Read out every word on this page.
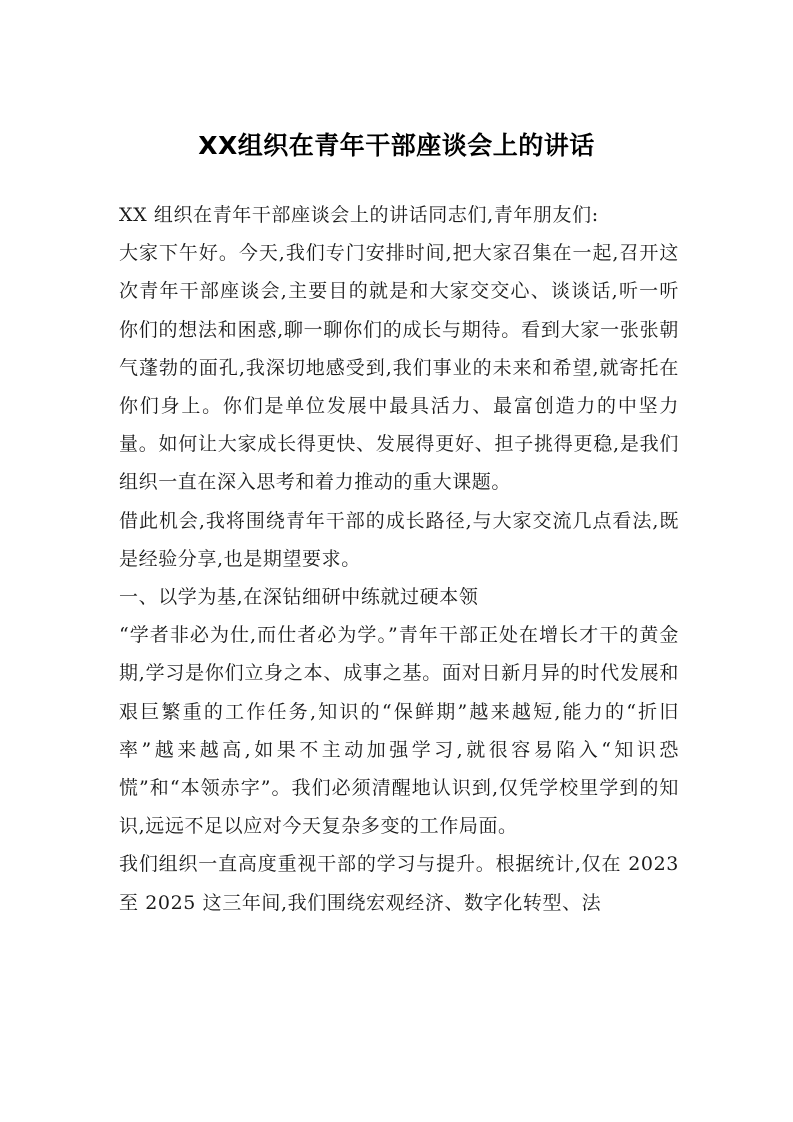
XX组织在青年干部座谈会上的讲话

XX 组织在青年干部座谈会上的讲话同志们,青年朋友们:

大家下午好。今天,我们专门安排时间,把大家召集在一起,召开这次青年干部座谈会,主要目的就是和大家交交心、谈谈话,听一听你们的想法和困惑,聊一聊你们的成长与期待。看到大家一张张朝气蓬勃的面孔,我深切地感受到,我们事业的未来和希望,就寄托在你们身上。你们是单位发展中最具活力、最富创造力的中坚力量。如何让大家成长得更快、发展得更好、担子挑得更稳,是我们组织一直在深入思考和着力推动的重大课题。

借此机会,我将围绕青年干部的成长路径,与大家交流几点看法,既是经验分享,也是期望要求。

一、以学为基,在深钻细研中练就过硬本领

“学者非必为仕,而仕者必为学。”青年干部正处在增长才干的黄金期,学习是你们立身之本、成事之基。面对日新月异的时代发展和艰巨繁重的工作任务,知识的“保鲜期”越来越短,能力的“折旧率”越来越高,如果不主动加强学习,就很容易陷入“知识恐慌”和“本领赤字”。我们必须清醒地认识到,仅凭学校里学到的知识,远远不足以应对今天复杂多变的工作局面。

我们组织一直高度重视干部的学习与提升。根据统计,仅在 2023 至 2025 这三年间,我们围绕宏观经济、数字化转型、法
